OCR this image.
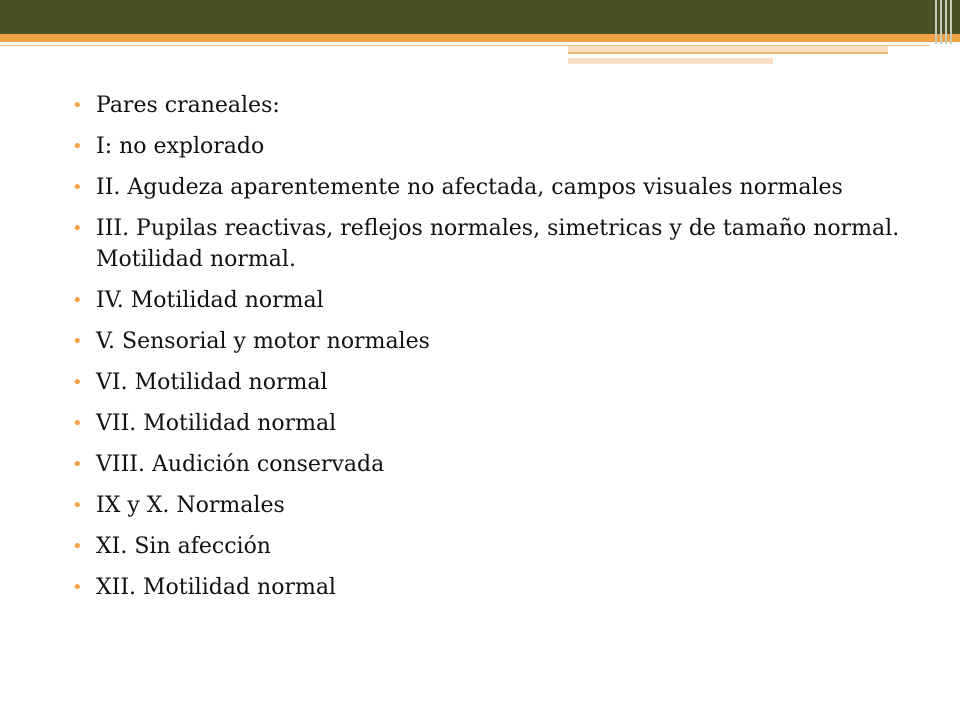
• Pares craneales:
• I: no explorado
• II. Agudeza aparentemente no afectada, campos visuales normales
• III. Pupilas reactivas, reflejos normales, simetricas y de tamaño normal. Motilidad normal.
• IV. Motilidad normal
• V. Sensorial y motor normales
• VI. Motilidad normal
• VII. Motilidad normal
• VIII. Audición conservada
• IX y X. Normales
• XI. Sin afección
• XII. Motilidad normal
